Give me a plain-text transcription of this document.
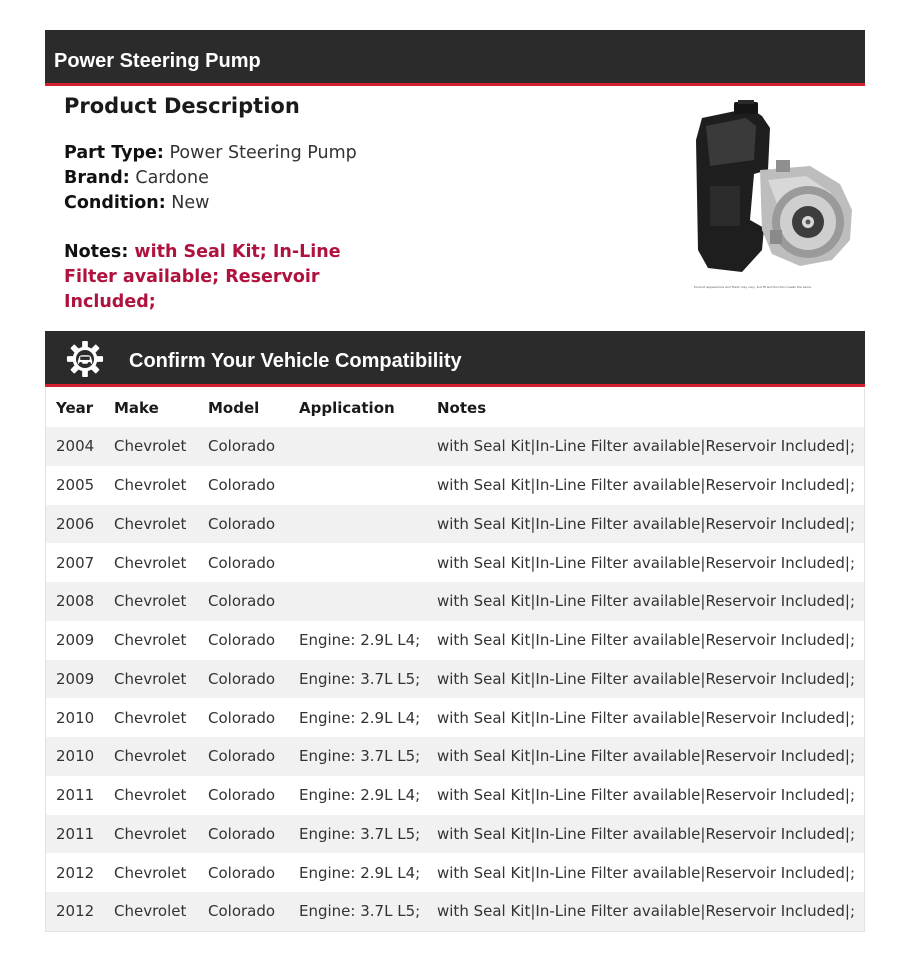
Power Steering Pump
Product Description
Part Type: Power Steering Pump
Brand: Cardone
Condition: New
Notes: with Seal Kit; In-Line Filter available; Reservoir Included;
Product appearance and finish may vary, but fit and function meets the same.
Confirm Your Vehicle Compatibility
Year	Make	Model	Application	Notes
2004	Chevrolet	Colorado		with Seal Kit|In-Line Filter available|Reservoir Included|;
2005	Chevrolet	Colorado		with Seal Kit|In-Line Filter available|Reservoir Included|;
2006	Chevrolet	Colorado		with Seal Kit|In-Line Filter available|Reservoir Included|;
2007	Chevrolet	Colorado		with Seal Kit|In-Line Filter available|Reservoir Included|;
2008	Chevrolet	Colorado		with Seal Kit|In-Line Filter available|Reservoir Included|;
2009	Chevrolet	Colorado	Engine: 2.9L L4;	with Seal Kit|In-Line Filter available|Reservoir Included|;
2009	Chevrolet	Colorado	Engine: 3.7L L5;	with Seal Kit|In-Line Filter available|Reservoir Included|;
2010	Chevrolet	Colorado	Engine: 2.9L L4;	with Seal Kit|In-Line Filter available|Reservoir Included|;
2010	Chevrolet	Colorado	Engine: 3.7L L5;	with Seal Kit|In-Line Filter available|Reservoir Included|;
2011	Chevrolet	Colorado	Engine: 2.9L L4;	with Seal Kit|In-Line Filter available|Reservoir Included|;
2011	Chevrolet	Colorado	Engine: 3.7L L5;	with Seal Kit|In-Line Filter available|Reservoir Included|;
2012	Chevrolet	Colorado	Engine: 2.9L L4;	with Seal Kit|In-Line Filter available|Reservoir Included|;
2012	Chevrolet	Colorado	Engine: 3.7L L5;	with Seal Kit|In-Line Filter available|Reservoir Included|;
